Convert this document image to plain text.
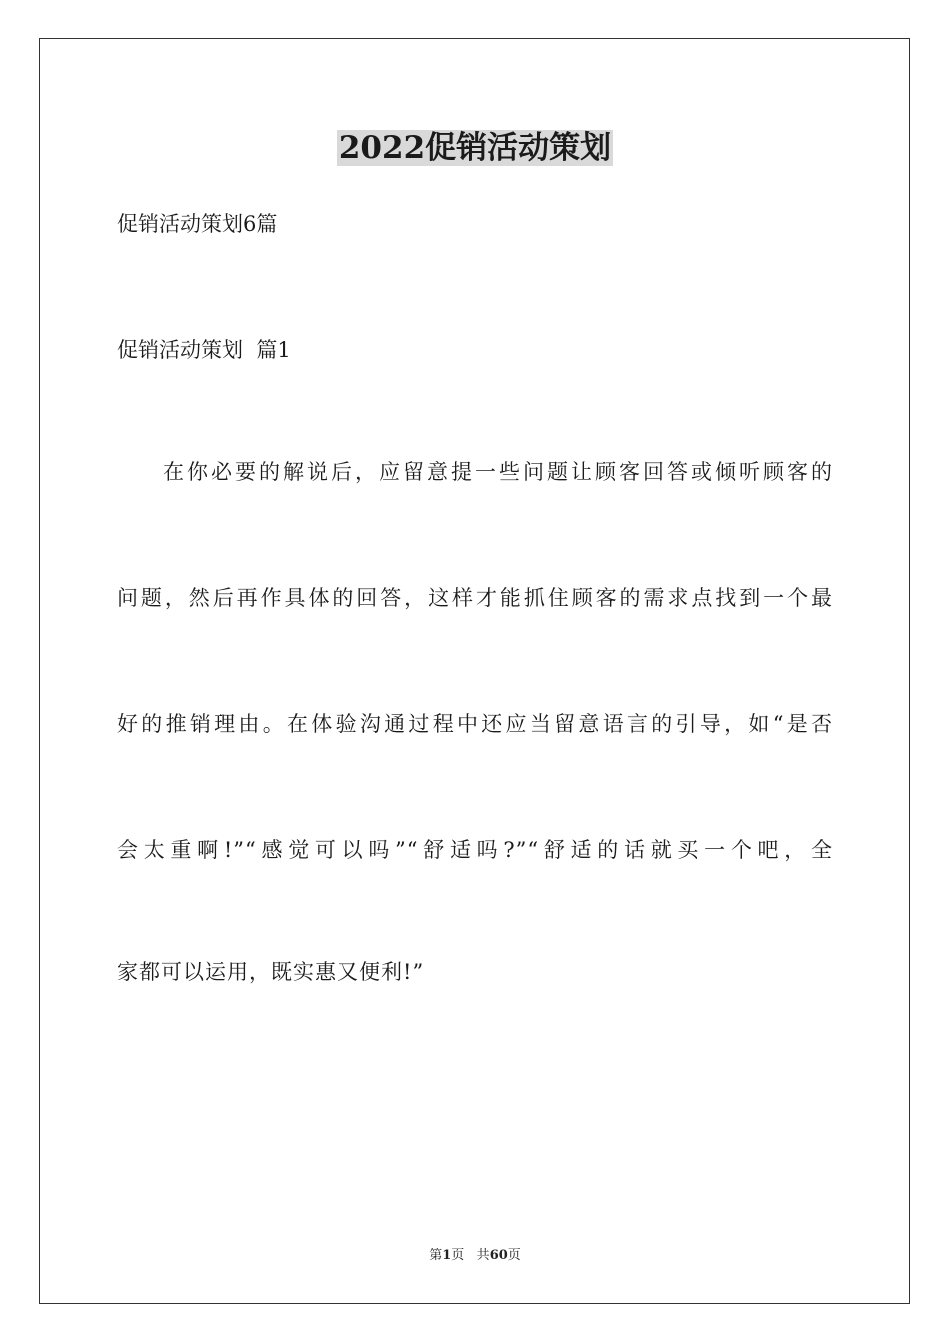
2022促销活动策划

促销活动策划6篇

促销活动策划  篇1

在你必要的解说后，应留意提一些问题让顾客回答或倾听顾客的

问题，然后再作具体的回答，这样才能抓住顾客的需求点找到一个最

好的推销理由。在体验沟通过程中还应当留意语言的引导，如“是否

会太重啊!”“感觉可以吗”“舒适吗?”“舒适的话就买一个吧，全

家都可以运用，既实惠又便利!”

第1页 共60页
